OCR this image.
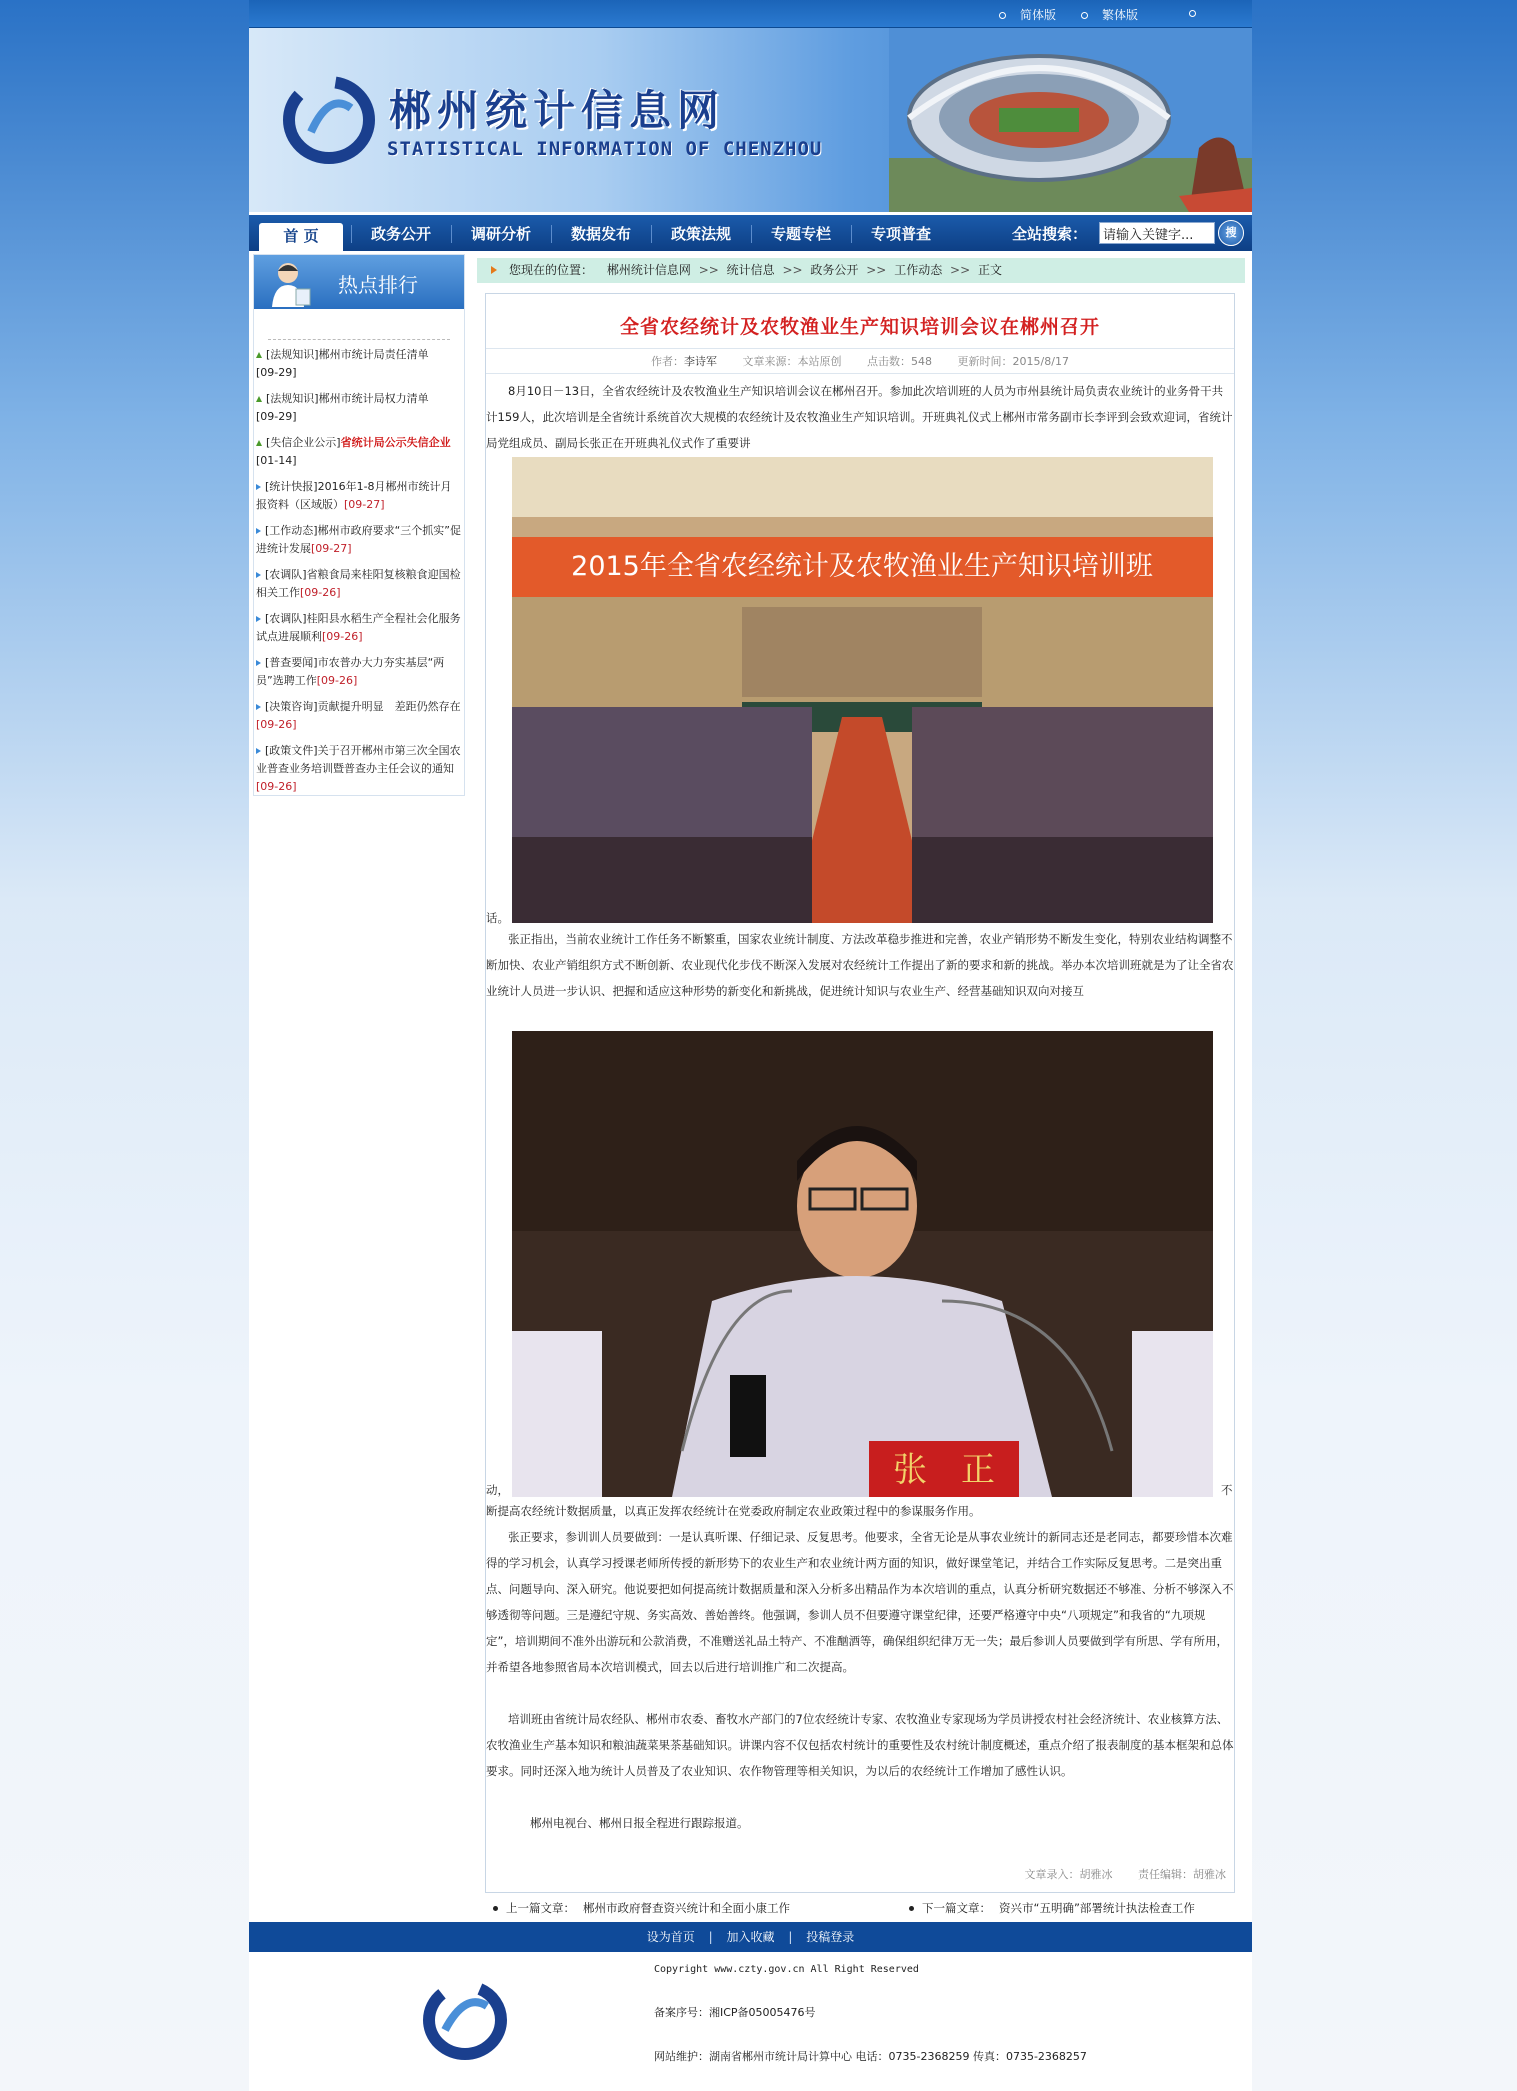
简体版	繁体版
郴州统计信息网
STATISTICAL INFORMATION OF CHENZHOU
首 页	政务公开	调研分析	数据发布	政策法规	专题专栏	专项普查	全站搜索：
请输入关键字...	搜
热点排行
[法规知识]郴州市统计局责任清单
[09-29]
[法规知识]郴州市统计局权力清单
[09-29]
[失信企业公示]省统计局公示失信企业[01-14]
[统计快报]2016年1-8月郴州市统计月报资料（区域版）[09-27]
[工作动态]郴州市政府要求“三个抓实”促进统计发展[09-27]
[农调队]省粮食局来桂阳复核粮食迎国检相关工作[09-26]
[农调队]桂阳县水稻生产全程社会化服务试点进展顺利[09-26]
[普查要闻]市农普办大力夯实基层“两员”选聘工作[09-26]
[决策咨询]贡献提升明显　差距仍然存在[09-26]
[政策文件]关于召开郴州市第三次全国农业普查业务培训暨普查办主任会议的通知[09-26]
您现在的位置： 郴州统计信息网 >> 统计信息 >> 政务公开 >> 工作动态 >> 正文
全省农经统计及农牧渔业生产知识培训会议在郴州召开
作者：李诗军 文章来源：本站原创 点击数：548 更新时间：2015/8/17
8月10日－13日，全省农经统计及农牧渔业生产知识培训会议在郴州召开。参加此次培训班的人员为市州县统计局负责农业统计的业务骨干共计159人，此次培训是全省统计系统首次大规模的农经统计及农牧渔业生产知识培训。开班典礼仪式上郴州市常务副市长李评到会致欢迎词，省统计局党组成员、副局长张正在开班典礼仪式作了重要讲
2015年全省农经统计及农牧渔业生产知识培训班
话。
张正指出，当前农业统计工作任务不断繁重，国家农业统计制度、方法改革稳步推进和完善，农业产销形势不断发生变化，特别农业结构调整不断加快、农业产销组织方式不断创新、农业现代化步伐不断深入发展对农经统计工作提出了新的要求和新的挑战。举办本次培训班就是为了让全省农业统计人员进一步认识、把握和适应这种形势的新变化和新挑战，促进统计知识与农业生产、经营基础知识双向对接互
张　正
动，	不
断提高农经统计数据质量，以真正发挥农经统计在党委政府制定农业政策过程中的参谋服务作用。
张正要求，参训训人员要做到：一是认真听课、仔细记录、反复思考。他要求，全省无论是从事农业统计的新同志还是老同志，都要珍惜本次难得的学习机会，认真学习授课老师所传授的新形势下的农业生产和农业统计两方面的知识，做好课堂笔记，并结合工作实际反复思考。二是突出重点、问题导向、深入研究。他说要把如何提高统计数据质量和深入分析多出精品作为本次培训的重点，认真分析研究数据还不够准、分析不够深入不够透彻等问题。三是遵纪守规、务实高效、善始善终。他强调，参训人员不但要遵守课堂纪律，还要严格遵守中央“八项规定”和我省的“九项规定”，培训期间不准外出游玩和公款消费，不准赠送礼品土特产、不准酗酒等，确保组织纪律万无一失；最后参训人员要做到学有所思、学有所用，并希望各地参照省局本次培训模式，回去以后进行培训推广和二次提高。
培训班由省统计局农经队、郴州市农委、畜牧水产部门的7位农经统计专家、农牧渔业专家现场为学员讲授农村社会经济统计、农业核算方法、农牧渔业生产基本知识和粮油蔬菜果茶基础知识。讲课内容不仅包括农村统计的重要性及农村统计制度概述，重点介绍了报表制度的基本框架和总体要求。同时还深入地为统计人员普及了农业知识、农作物管理等相关知识，为以后的农经统计工作增加了感性认识。
郴州电视台、郴州日报全程进行跟踪报道。
文章录入：胡雅冰 责任编辑：胡雅冰
上一篇文章： 郴州市政府督查资兴统计和全面小康工作	下一篇文章： 资兴市“五明确”部署统计执法检查工作
设为首页 | 加入收藏 | 投稿登录
Copyright www.czty.gov.cn All Right Reserved
备案序号：湘ICP备05005476号
网站维护：湖南省郴州市统计局计算中心 电话：0735-2368259 传真：0735-2368257
